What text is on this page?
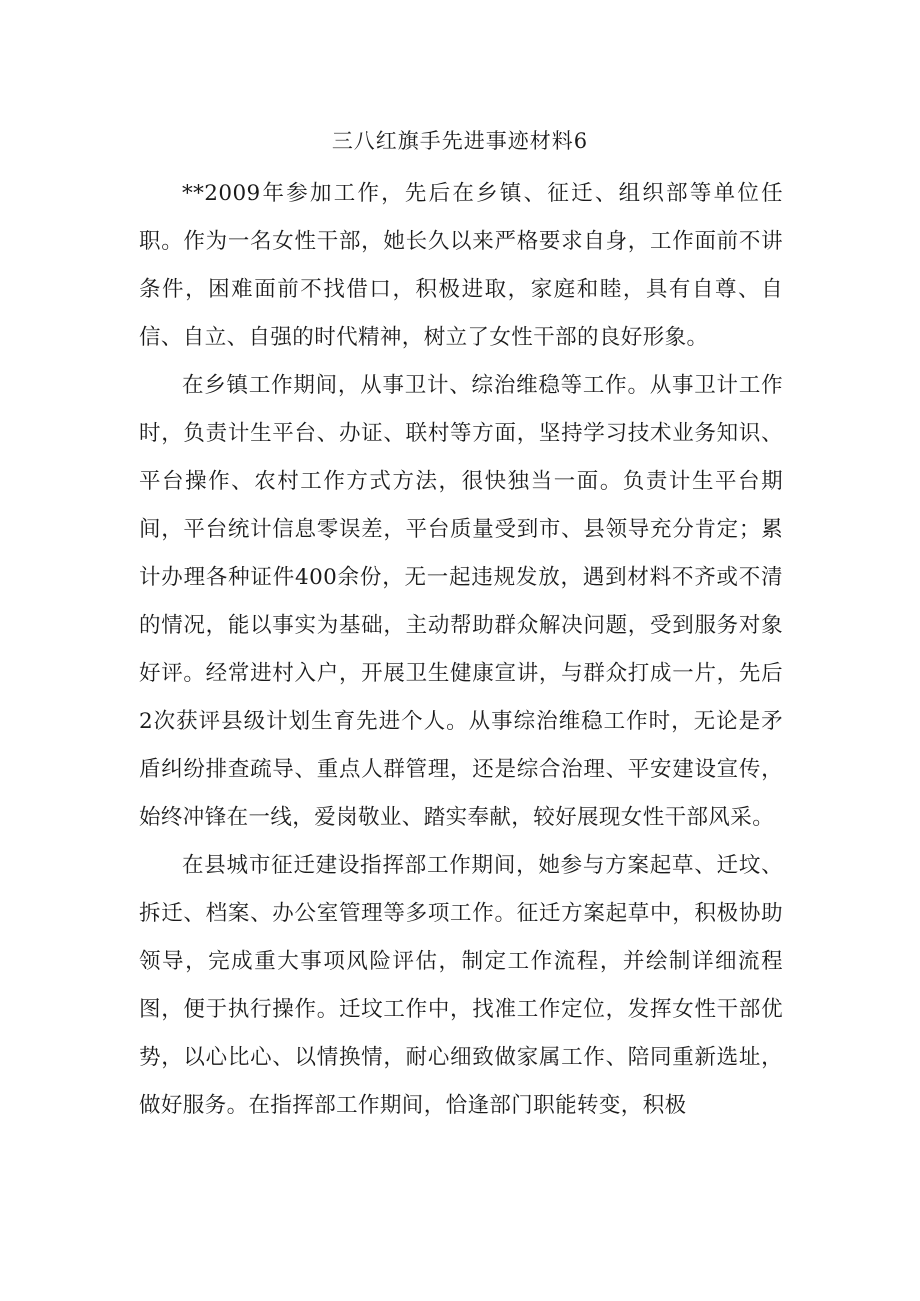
三八红旗手先进事迹材料6

**2009年参加工作，先后在乡镇、征迁、组织部等单位任职。作为一名女性干部，她长久以来严格要求自身，工作面前不讲条件，困难面前不找借口，积极进取，家庭和睦，具有自尊、自信、自立、自强的时代精神，树立了女性干部的良好形象。

在乡镇工作期间，从事卫计、综治维稳等工作。从事卫计工作时，负责计生平台、办证、联村等方面，坚持学习技术业务知识、平台操作、农村工作方式方法，很快独当一面。负责计生平台期间，平台统计信息零误差，平台质量受到市、县领导充分肯定；累计办理各种证件400余份，无一起违规发放，遇到材料不齐或不清的情况，能以事实为基础，主动帮助群众解决问题，受到服务对象好评。经常进村入户，开展卫生健康宣讲，与群众打成一片，先后2次获评县级计划生育先进个人。从事综治维稳工作时，无论是矛盾纠纷排查疏导、重点人群管理，还是综合治理、平安建设宣传，始终冲锋在一线，爱岗敬业、踏实奉献，较好展现女性干部风采。

在县城市征迁建设指挥部工作期间，她参与方案起草、迁坟、拆迁、档案、办公室管理等多项工作。征迁方案起草中，积极协助领导，完成重大事项风险评估，制定工作流程，并绘制详细流程图，便于执行操作。迁坟工作中，找准工作定位，发挥女性干部优势，以心比心、以情换情，耐心细致做家属工作、陪同重新选址，做好服务。在指挥部工作期间，恰逢部门职能转变，积极
